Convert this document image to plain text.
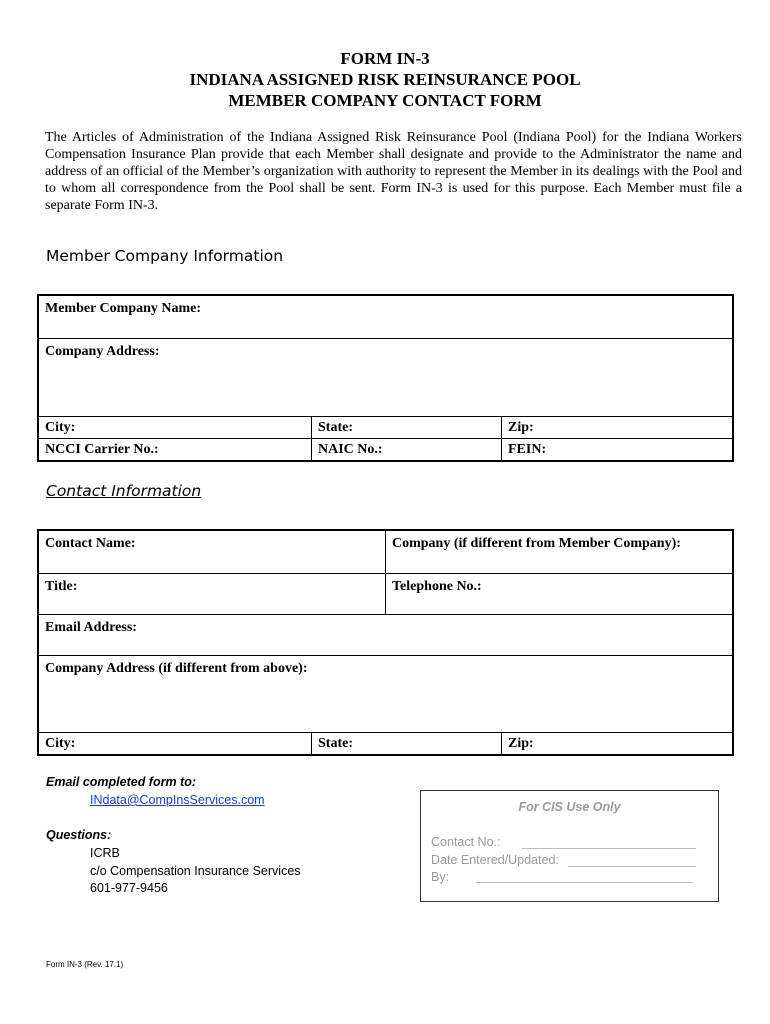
FORM IN-3
INDIANA ASSIGNED RISK REINSURANCE POOL
MEMBER COMPANY CONTACT FORM

The Articles of Administration of the Indiana Assigned Risk Reinsurance Pool (Indiana Pool) for the Indiana Workers Compensation Insurance Plan provide that each Member shall designate and provide to the Administrator the name and address of an official of the Member’s organization with authority to represent the Member in its dealings with the Pool and to whom all correspondence from the Pool shall be sent. Form IN-3 is used for this purpose. Each Member must file a separate Form IN-3.

Member Company Information
Member Company Name:
Company Address:
City:	State:	Zip:
NCCI Carrier No.:	NAIC No.:	FEIN:
Contact Information
Contact Name:	Company (if different from Member Company):
Title:	Telephone No.:
Email Address:
Company Address (if different from above):
City:	State:	Zip:
Email completed form to:
INdata@CompInsServices.com
Questions:
ICRB
c/o Compensation Insurance Services
601-977-9456
For CIS Use Only
Contact No.:
Date Entered/Updated:
By:
Form IN-3 (Rev. 17.1)
